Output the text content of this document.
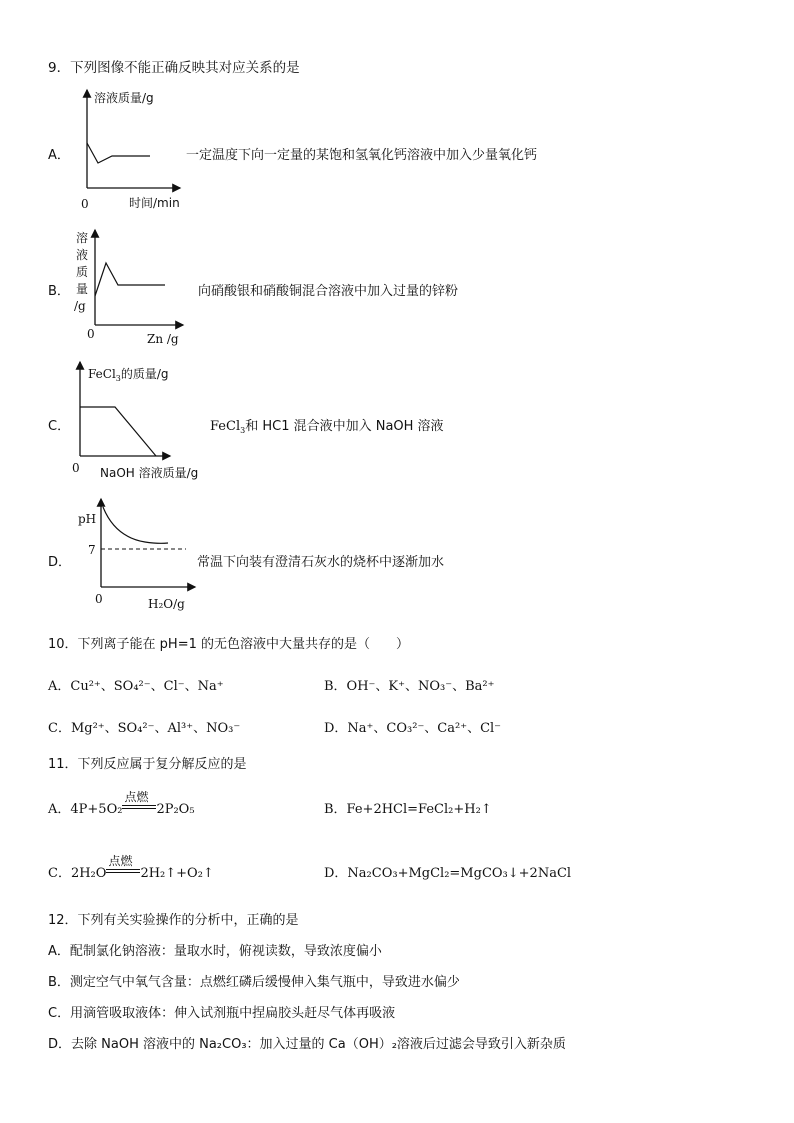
9．下列图像不能正确反映其对应关系的是
A．
溶液质量/g
0	时间/min
一定温度下向一定量的某饱和氢氧化钙溶液中加入少量氧化钙
B．
溶
液
质
量
/g
0	Zn /g
向硝酸银和硝酸铜混合溶液中加入过量的锌粉
C．
FeCl$_3$的质量/g
0 NaOH 溶液质量/g
FeCl$_3$和 HC1 混合液中加入 NaOH 溶液
D．
pH
7
0	H₂O/g
常温下向装有澄清石灰水的烧杯中逐渐加水
10．下列离子能在 pH=1 的无色溶液中大量共存的是（　　）
A．Cu²⁺、SO₄²⁻、Cl⁻、Na⁺	B．OH⁻、K⁺、NO₃⁻、Ba²⁺
C．Mg²⁺、SO₄²⁻、Al³⁺、NO₃⁻	D．Na⁺、CO₃²⁻、Ca²⁺、Cl⁻
11．下列反应属于复分解反应的是
A．4P+5O₂
点燃
2P₂O₅	B．Fe+2HCl=FeCl₂+H₂↑
C．2H₂O
点燃
2H₂↑+O₂↑	D．Na₂CO₃+MgCl₂=MgCO₃↓+2NaCl
12．下列有关实验操作的分析中，正确的是
A．配制氯化钠溶液：量取水时，俯视读数，导致浓度偏小
B．测定空气中氧气含量：点燃红磷后缓慢伸入集气瓶中，导致进水偏少
C．用滴管吸取液体：伸入试剂瓶中捏扁胶头赶尽气体再吸液
D．去除 NaOH 溶液中的 Na₂CO₃：加入过量的 Ca（OH）₂溶液后过滤会导致引入新杂质
